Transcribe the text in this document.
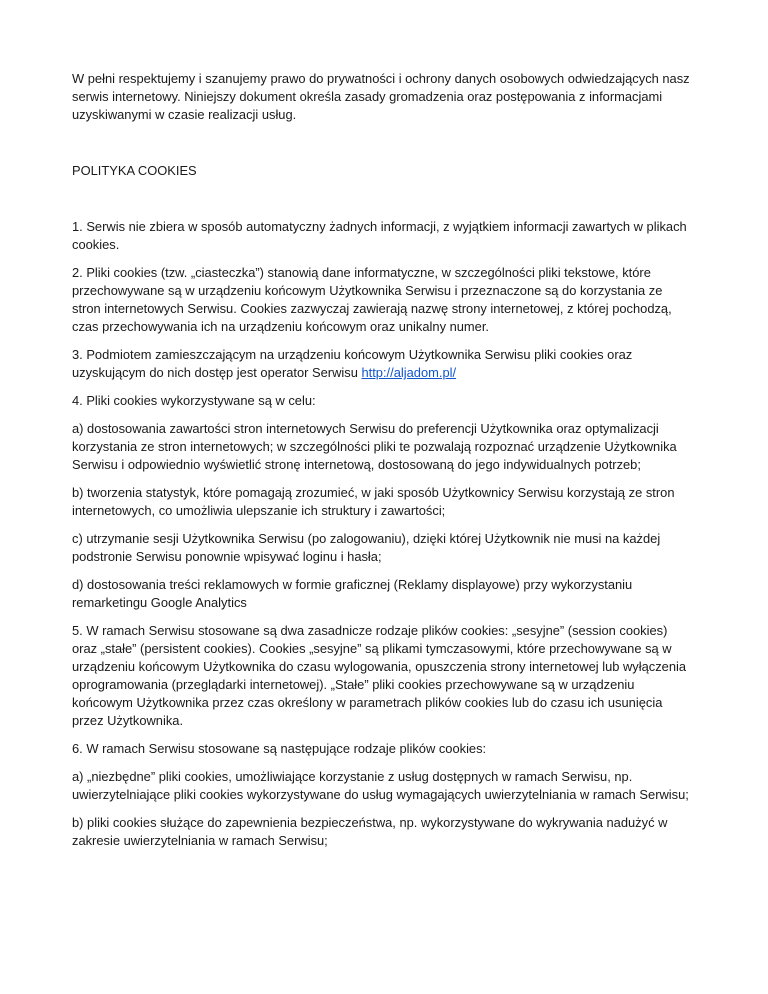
W pełni respektujemy i szanujemy prawo do prywatności i ochrony danych osobowych odwiedzających nasz serwis internetowy. Niniejszy dokument określa zasady gromadzenia oraz postępowania z informacjami uzyskiwanymi w czasie realizacji usług.

POLITYKA COOKIES

1. Serwis nie zbiera w sposób automatyczny żadnych informacji, z wyjątkiem informacji zawartych w plikach cookies.

2. Pliki cookies (tzw. „ciasteczka”) stanowią dane informatyczne, w szczególności pliki tekstowe, które przechowywane są w urządzeniu końcowym Użytkownika Serwisu i przeznaczone są do korzystania ze stron internetowych Serwisu. Cookies zazwyczaj zawierają nazwę strony internetowej, z której pochodzą, czas przechowywania ich na urządzeniu końcowym oraz unikalny numer.

3. Podmiotem zamieszczającym na urządzeniu końcowym Użytkownika Serwisu pliki cookies oraz uzyskującym do nich dostęp jest operator Serwisu http://aljadom.pl/

4. Pliki cookies wykorzystywane są w celu:

a) dostosowania zawartości stron internetowych Serwisu do preferencji Użytkownika oraz optymalizacji korzystania ze stron internetowych; w szczególności pliki te pozwalają rozpoznać urządzenie Użytkownika Serwisu i odpowiednio wyświetlić stronę internetową, dostosowaną do jego indywidualnych potrzeb;

b) tworzenia statystyk, które pomagają zrozumieć, w jaki sposób Użytkownicy Serwisu korzystają ze stron internetowych, co umożliwia ulepszanie ich struktury i zawartości;

c) utrzymanie sesji Użytkownika Serwisu (po zalogowaniu), dzięki której Użytkownik nie musi na każdej podstronie Serwisu ponownie wpisywać loginu i hasła;

d) dostosowania treści reklamowych w formie graficznej (Reklamy displayowe) przy wykorzystaniu remarketingu Google Analytics

5. W ramach Serwisu stosowane są dwa zasadnicze rodzaje plików cookies: „sesyjne” (session cookies) oraz „stałe” (persistent cookies). Cookies „sesyjne” są plikami tymczasowymi, które przechowywane są w urządzeniu końcowym Użytkownika do czasu wylogowania, opuszczenia strony internetowej lub wyłączenia oprogramowania (przeglądarki internetowej). „Stałe” pliki cookies przechowywane są w urządzeniu końcowym Użytkownika przez czas określony w parametrach plików cookies lub do czasu ich usunięcia przez Użytkownika.

6. W ramach Serwisu stosowane są następujące rodzaje plików cookies:

a) „niezbędne” pliki cookies, umożliwiające korzystanie z usług dostępnych w ramach Serwisu, np. uwierzytelniające pliki cookies wykorzystywane do usług wymagających uwierzytelniania w ramach Serwisu;

b) pliki cookies służące do zapewnienia bezpieczeństwa, np. wykorzystywane do wykrywania nadużyć w zakresie uwierzytelniania w ramach Serwisu;
